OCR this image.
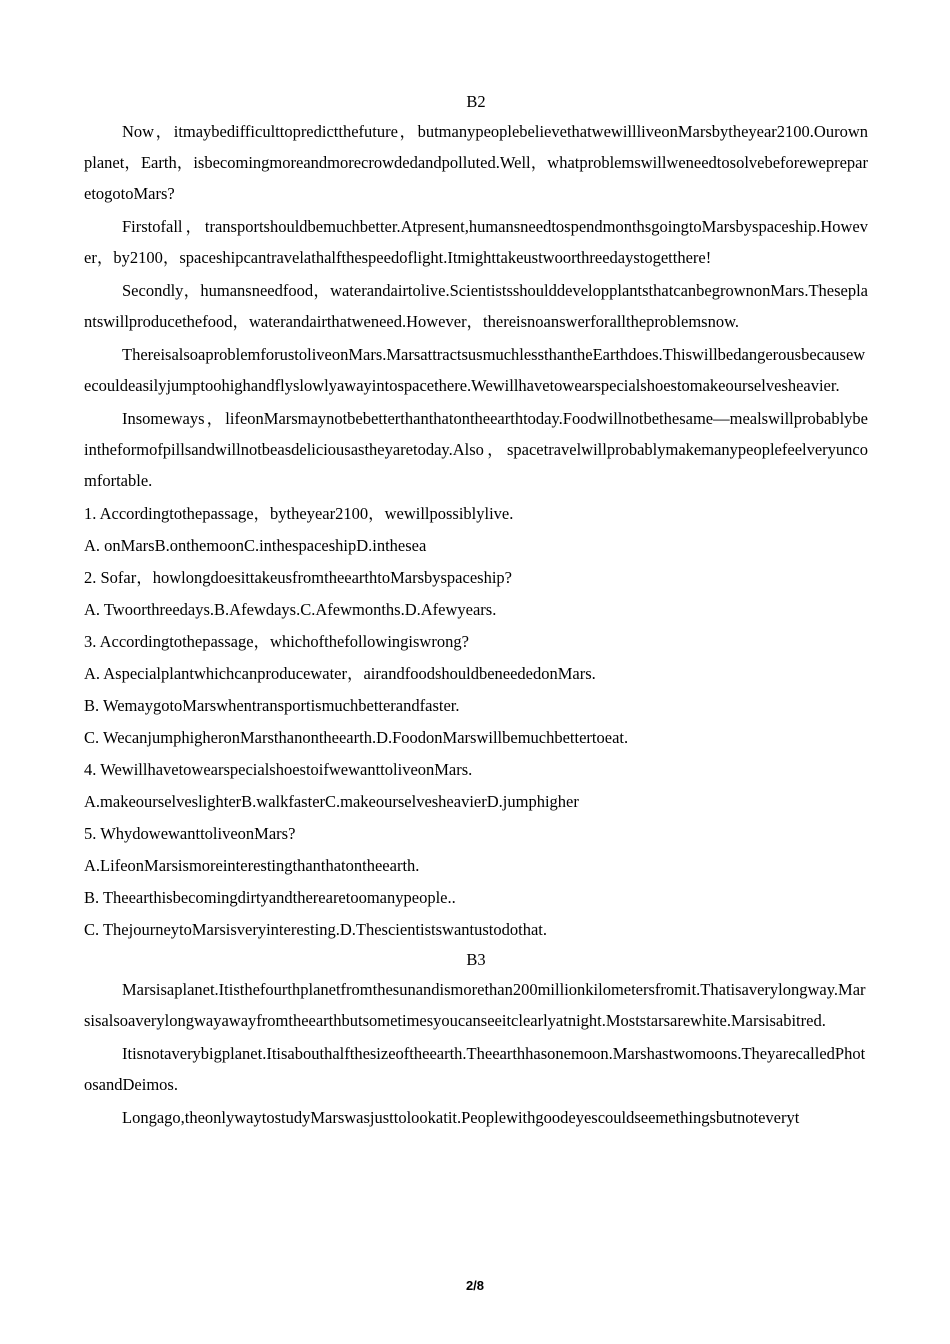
B2

Now，itmaybedifficulttopredictthefuture，butmanypeoplebelievethatwewillliveonMarsbytheyear2100.Ourownplanet，Earth，isbecomingmoreandmorecrowdedandpolluted.Well，whatproblemswillweneedtosolvebeforewepreparetogotoMars?

Firstofall，transportshouldbemuchbetter.Atpresent,humansneedtospendmonthsgoingtoMarsbyspaceship.However，by2100，spaceshipcantravelathalfthespeedoflight.Itmighttakeustwoorthreedaystogetthere!

Secondly，humansneedfood，waterandairtolive.ScientistsshoulddevelopplantsthatcanbegrownonMars.Theseplantswillproducethefood，waterandairthatweneed.However，thereisnoanswerforalltheproblemsnow.

ThereisalsoaproblemforustoliveonMars.MarsattractsusmuchlessthantheEarthdoes.Thiswillbedangerousbecausewecouldeasilyjumptoohighandflyslowlyawayintospacethere.Wewillhavetowearspecialshoestomakeourselvesheavier.

Insomeways，lifeonMarsmaynotbebetterthanthatontheearthtoday.Foodwillnotbethesame—mealswillprobablybeintheformofpillsandwillnotbeasdeliciousastheyaretoday.Also，spacetravelwillprobablymakemanypeoplefeelveryuncomfortable.

1. Accordingtothepassage，bytheyear2100，wewillpossiblylive.

A. onMarsB.onthemoonC.inthespaceshipD.inthesea

2. Sofar，howlongdoesittakeusfromtheearthtoMarsbyspaceship?

A. Twoorthreedays.B.Afewdays.C.Afewmonths.D.Afewyears.

3. Accordingtothepassage，whichofthefollowingiswrong?

A. Aspecialplantwhichcanproducewater，airandfoodshouldbeneededonMars.

B. WemaygotoMarswhentransportismuchbetterandfaster.

C. WecanjumphigheronMarsthanontheearth.D.FoodonMarswillbemuchbettertoeat.

4. WewillhavetowearspecialshoestoifwewanttoliveonMars.

A.makeourselveslighterB.walkfasterC.makeourselvesheavierD.jumphigher

5. WhydowewanttoliveonMars?

A.LifeonMarsismoreinterestingthanthatontheearth.

B. Theearthisbecomingdirtyandtherearetoomanypeople..

C. ThejourneytoMarsisveryinteresting.D.Thescientistswantustodothat.

B3

Marsisaplanet.Itisthefourthplanetfromthesunandismorethan200millionkilometersfromit.Thatisaverylongway.Marsisalsoaverylongwayawayfromtheearthbutsometimesyoucanseeitclearlyatnight.Moststarsarewhite.Marsisabitred.

Itisnotaverybigplanet.Itisabouthalfthesizeoftheearth.Theearthhasonemoon.Marshastwomoons.TheyarecalledPhotosandDeimos.

Longago,theonlywaytostudyMarswasjusttolookatit.Peoplewithgoodeyescouldseemethingsbutnoteveryt

2/8
